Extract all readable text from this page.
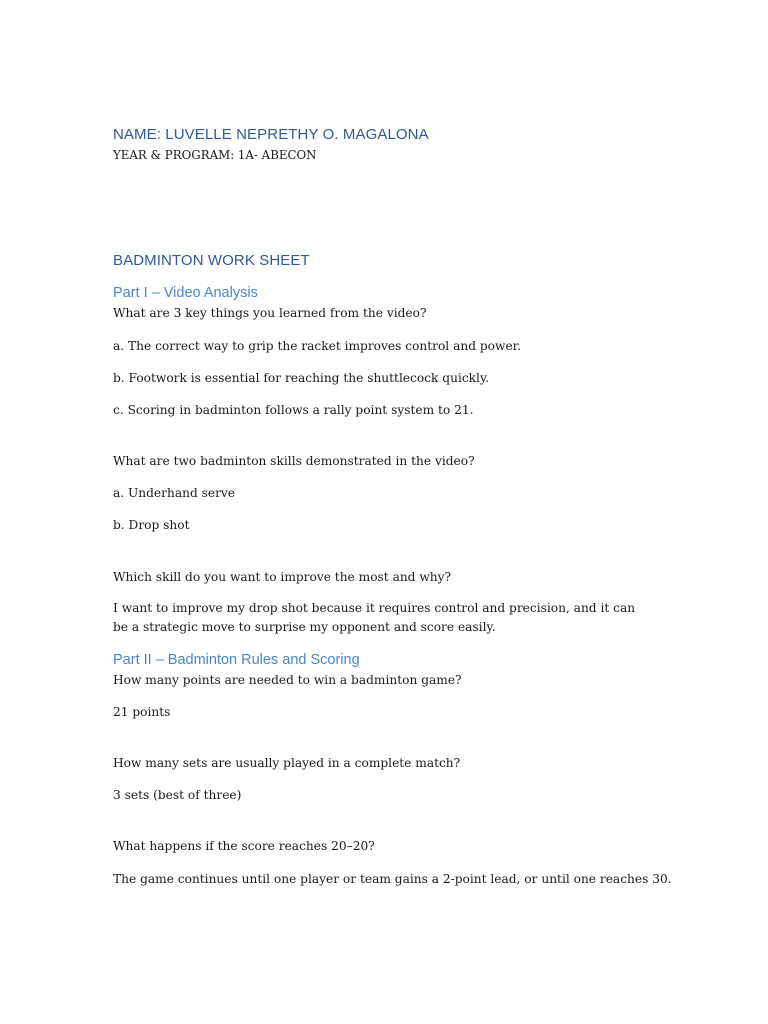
NAME: LUVELLE NEPRETHY O. MAGALONA

YEAR & PROGRAM: 1A- ABECON

BADMINTON WORK SHEET

Part I – Video Analysis

What are 3 key things you learned from the video?

a. The correct way to grip the racket improves control and power.

b. Footwork is essential for reaching the shuttlecock quickly.

c. Scoring in badminton follows a rally point system to 21.

What are two badminton skills demonstrated in the video?

a. Underhand serve

b. Drop shot

Which skill do you want to improve the most and why?

I want to improve my drop shot because it requires control and precision, and it can be a strategic move to surprise my opponent and score easily.

Part II – Badminton Rules and Scoring

How many points are needed to win a badminton game?

21 points

How many sets are usually played in a complete match?

3 sets (best of three)

What happens if the score reaches 20–20?

The game continues until one player or team gains a 2-point lead, or until one reaches 30.
